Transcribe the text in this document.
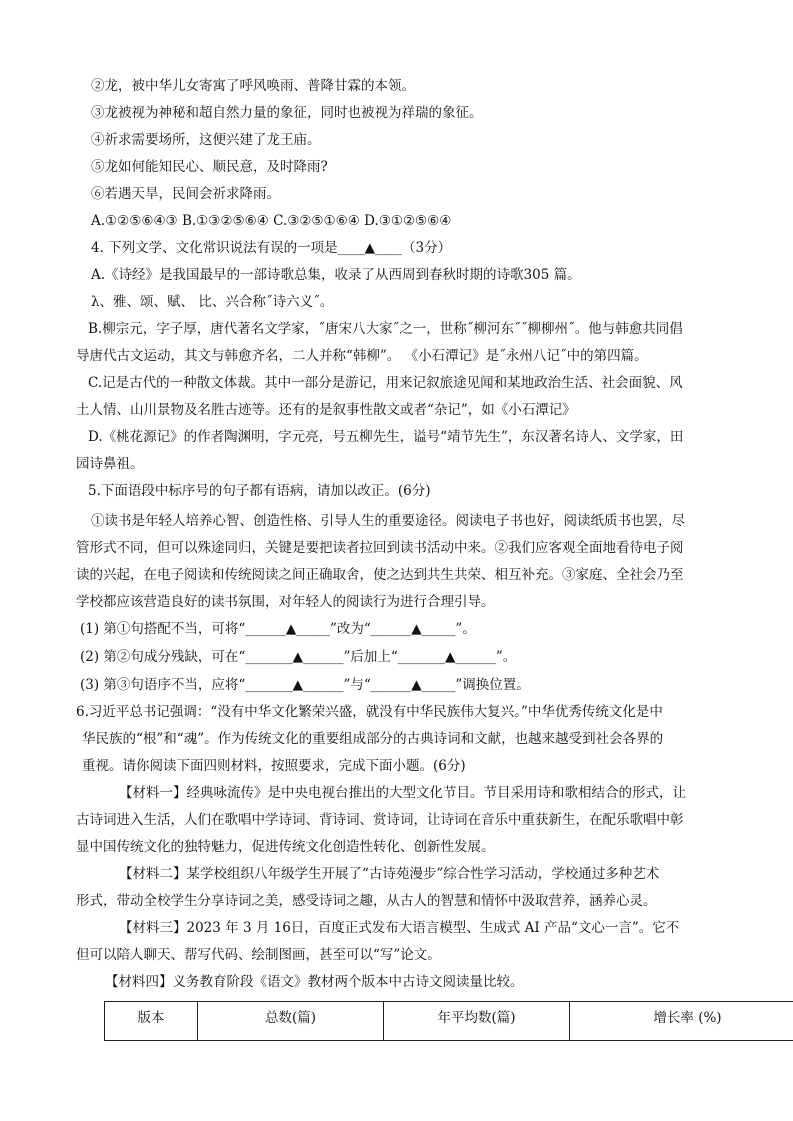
②龙，被中华儿女寄寓了呼风唤雨、普降甘霖的本领。
③龙被视为神秘和超自然力量的象征，同时也被视为祥瑞的象征。
④祈求需要场所，这便兴建了龙王庙。
⑤龙如何能知民心、顺民意，及时降雨?
⑥若遇天旱，民间会祈求降雨。
A.①②⑤⑥④③ B.①③②⑤⑥④ C.③②⑤①⑥④ D.③①②⑤⑥④
4. 下列文学、文化常识说法有误的一项是____▲____（3分）
A.《诗经》是我国最早的一部诗歌总集，收录了从西周到春秋时期的诗歌305 篇。
λ、雅、颂、赋、 比、兴合称˝诗六义˝。
B.柳宗元，字子厚，唐代著名文学家，˝唐宋八大家˝之一，世称˝柳河东˝˝柳柳州˝。他与韩愈共同倡
导唐代古文运动，其文与韩愈齐名，二人并称“韩柳”。 《小石潭记》是˝永州八记˝中的第四篇。
C.记是古代的一种散文体裁。其中一部分是游记，用来记叙旅途见闻和某地政治生活、社会面貌、风
土人情、山川景物及名胜古迹等。还有的是叙事性散文或者“杂记”，如《小石潭记》
D.《桃花源记》的作者陶渊明，字元亮，号五柳先生，谥号“靖节先生”，东汉著名诗人、文学家，田
园诗鼻祖。
5.下面语段中标序号的句子都有语病，请加以改正。(6分)
①读书是年轻人培养心智、创造性格、引导人生的重要途径。阅读电子书也好，阅读纸质书也罢，尽
管形式不同，但可以殊途同归，关键是要把读者拉回到读书活动中来。②我们应客观全面地看待电子阅
读的兴起，在电子阅读和传统阅读之间正确取舍，使之达到共生共荣、相互补充。③家庭、全社会乃至
学校都应该营造良好的读书氛围，对年轻人的阅读行为进行合理引导。
(1) 第①句搭配不当，可将“______▲_____”改为“______▲_____”。
(2) 第②句成分残缺，可在“_______▲______”后加上“_______▲______”。
(3) 第③句语序不当，应将“_______▲______”与“______▲_____”调换位置。
6.习近平总书记强调：“没有中华文化繁荣兴盛，就没有中华民族伟大复兴。”中华优秀传统文化是中
华民族的“根”和“魂”。作为传统文化的重要组成部分的古典诗词和文献，也越来越受到社会各界的
重视。请你阅读下面四则材料，按照要求，完成下面小题。(6分)
【材料一】经典咏流传》是中央电视台推出的大型文化节目。节目采用诗和歌相结合的形式，让
古诗词进入生活，人们在歌唱中学诗词、背诗词、赏诗词，让诗词在音乐中重获新生，在配乐歌唱中彰
显中国传统文化的独特魅力，促进传统文化创造性转化、创新性发展。
【材料二】某学校组织八年级学生开展了“古诗苑漫步”综合性学习活动，学校通过多种艺术
形式，带动全校学生分享诗词之美，感受诗词之趣，从古人的智慧和情怀中汲取营养，涵养心灵。
【材料三】2023 年 3 月 16日，百度正式发布大语言模型、生成式 AI 产品“文心一言”。它不
但可以陪人聊天、帮写代码、绘制图画，甚至可以“写”论文。
【材料四】义务教育阶段《语文》教材两个版本中古诗文阅读量比较。
版本	总数(篇)	年平均数(篇)	增长率 (%)
